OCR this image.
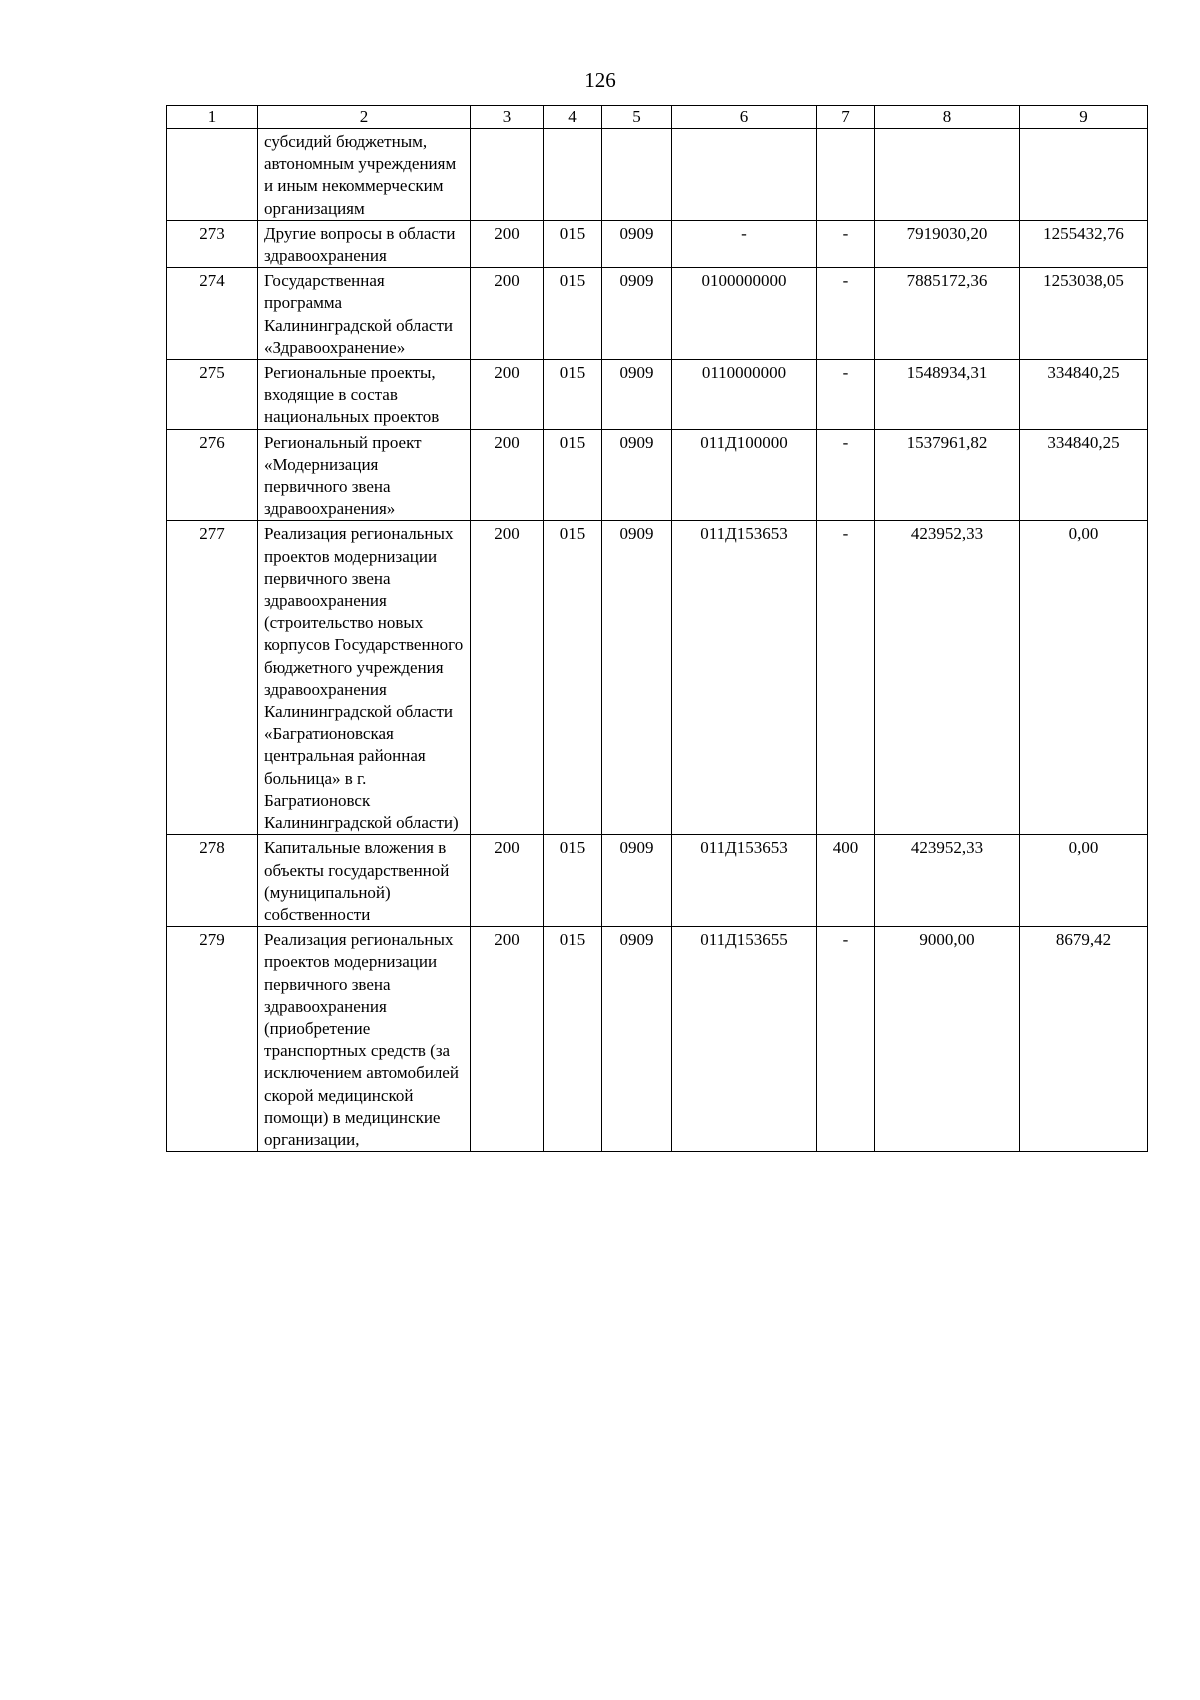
126
1	2	3	4	5	6	7	8	9
	субсидий бюджетным, автономным учреждениям и иным некоммерческим организациям							
273	Другие вопросы в области здравоохранения	200	015	0909	-	-	7919030,20	1255432,76
274	Государственная программа Калининградской области «Здравоохранение»	200	015	0909	0100000000	-	7885172,36	1253038,05
275	Региональные проекты, входящие в состав национальных проектов	200	015	0909	0110000000	-	1548934,31	334840,25
276	Региональный проект «Модернизация первичного звена здравоохранения»	200	015	0909	011Д100000	-	1537961,82	334840,25
277	Реализация региональных проектов модернизации первичного звена здравоохранения (строительство новых корпусов Государственного бюджетного учреждения здравоохранения Калининградской области «Багратионовская центральная районная больница» в г. Багратионовск Калининградской области)	200	015	0909	011Д153653	-	423952,33	0,00
278	Капитальные вложения в объекты государственной (муниципальной) собственности	200	015	0909	011Д153653	400	423952,33	0,00
279	Реализация региональных проектов модернизации первичного звена здравоохранения (приобретение транспортных средств (за исключением автомобилей скорой медицинской помощи) в медицинские организации,	200	015	0909	011Д153655	-	9000,00	8679,42
